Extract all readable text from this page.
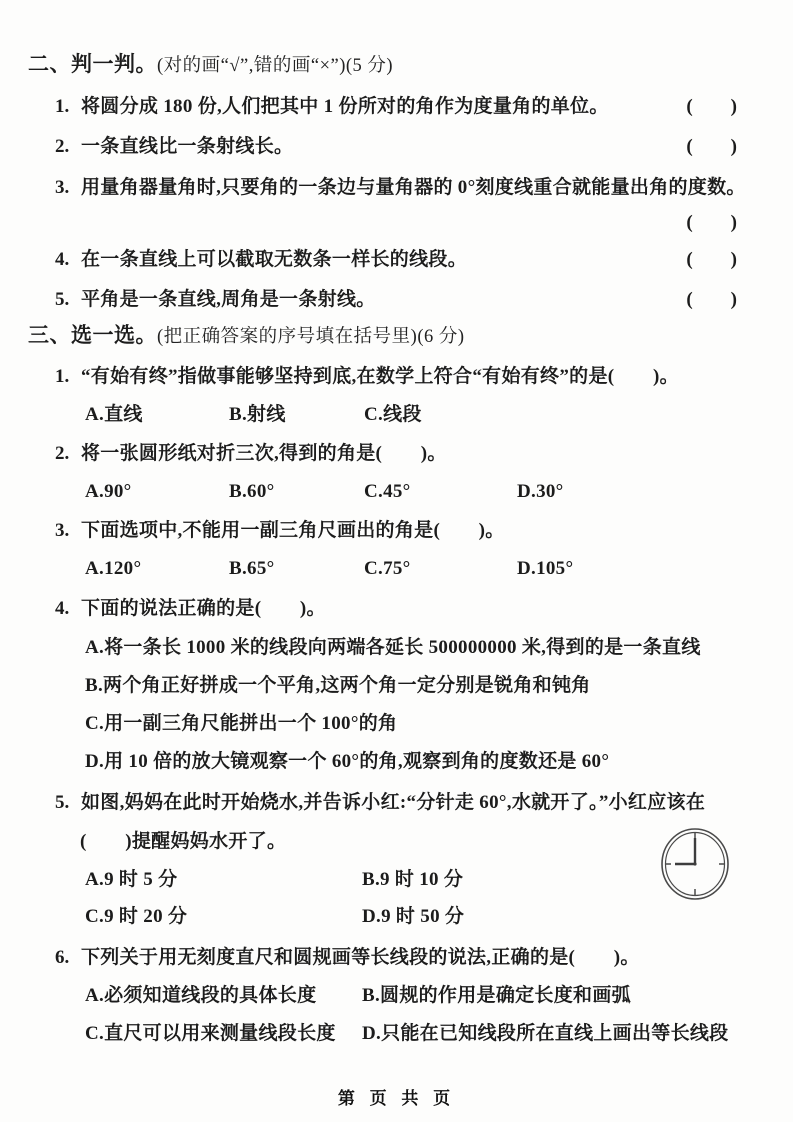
二、判一判。(对的画“√”,错的画“×”)(5 分)
1. 将圆分成 180 份,人们把其中 1 份所对的角作为度量角的单位。	(　　)
2. 一条直线比一条射线长。	(　　)
3. 用量角器量角时,只要角的一条边与量角器的 0°刻度线重合就能量出角的度数。
(　　)
4. 在一条直线上可以截取无数条一样长的线段。	(　　)
5. 平角是一条直线,周角是一条射线。	(　　)
三、选一选。(把正确答案的序号填在括号里)(6 分)
1. “有始有终”指做事能够坚持到底,在数学上符合“有始有终”的是(　　)。
A.直线	B.射线	C.线段
2. 将一张圆形纸对折三次,得到的角是(　　)。
A.90°	B.60°	C.45°	D.30°
3. 下面选项中,不能用一副三角尺画出的角是(　　)。
A.120°	B.65°	C.75°	D.105°
4. 下面的说法正确的是(　　)。
A.将一条长 1000 米的线段向两端各延长 500000000 米,得到的是一条直线
B.两个角正好拼成一个平角,这两个角一定分别是锐角和钝角
C.用一副三角尺能拼出一个 100°的角
D.用 10 倍的放大镜观察一个 60°的角,观察到角的度数还是 60°
5. 如图,妈妈在此时开始烧水,并告诉小红:“分针走 60°,水就开了。”小红应该在
(　　)提醒妈妈水开了。
A.9 时 5 分	B.9 时 10 分
C.9 时 20 分	D.9 时 50 分
6. 下列关于用无刻度直尺和圆规画等长线段的说法,正确的是(　　)。
A.必须知道线段的具体长度	B.圆规的作用是确定长度和画弧
C.直尺可以用来测量线段长度	D.只能在已知线段所在直线上画出等长线段
第 页 共 页
